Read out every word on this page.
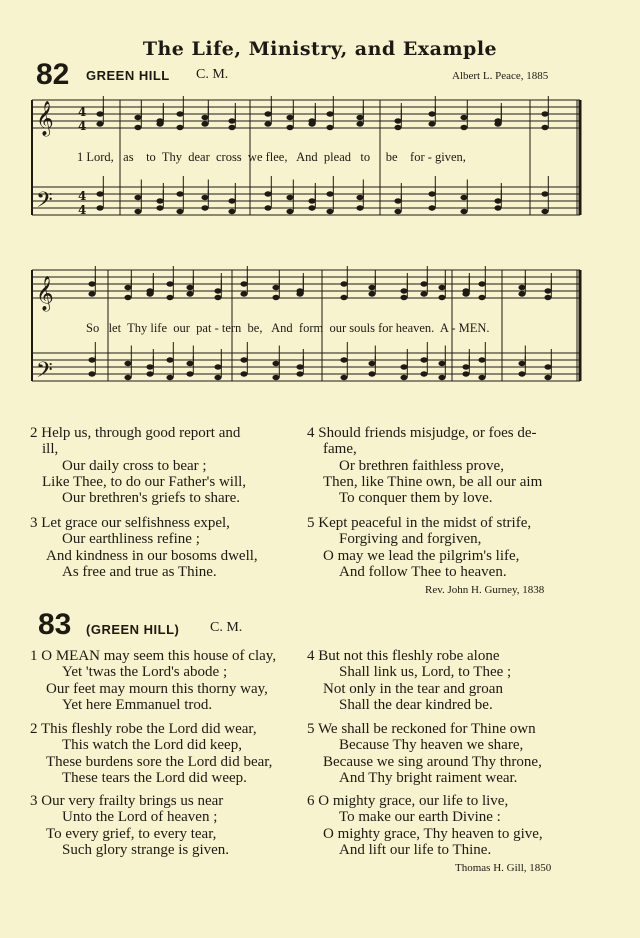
The Life, Ministry, and Example
82 GREEN HILL C. M.	Albert L. Peace, 1885
𝄞
𝄢
𝄞
𝄢
4
4
4
4
1 Lord,   as    to  Thy  dear  cross  we flee,   And  plead   to     be    for - given,
So   let  Thy life  our  pat - tern  be,   And  form  our souls for heaven.  A - MEN.
2 Help us, through good report and
ill,
Our daily cross to bear ;
Like Thee, to do our Father's will,
Our brethren's griefs to share.
3 Let grace our selfishness expel,
Our earthliness refine ;
And kindness in our bosoms dwell,
As free and true as Thine.
4 Should friends misjudge, or foes de-
fame,
Or brethren faithless prove,
Then, like Thine own, be all our aim
To conquer them by love.
5 Kept peaceful in the midst of strife,
Forgiving and forgiven,
O may we lead the pilgrim's life,
And follow Thee to heaven.
Rev. John H. Gurney, 1838
83 (GREEN HILL) C. M.
1 O MEAN may seem this house of clay,
Yet 'twas the Lord's abode ;
Our feet may mourn this thorny way,
Yet here Emmanuel trod.
2 This fleshly robe the Lord did wear,
This watch the Lord did keep,
These burdens sore the Lord did bear,
These tears the Lord did weep.
3 Our very frailty brings us near
Unto the Lord of heaven ;
To every grief, to every tear,
Such glory strange is given.
4 But not this fleshly robe alone
Shall link us, Lord, to Thee ;
Not only in the tear and groan
Shall the dear kindred be.
5 We shall be reckoned for Thine own
Because Thy heaven we share,
Because we sing around Thy throne,
And Thy bright raiment wear.
6 O mighty grace, our life to live,
To make our earth Divine :
O mighty grace, Thy heaven to give,
And lift our life to Thine.
Thomas H. Gill, 1850
